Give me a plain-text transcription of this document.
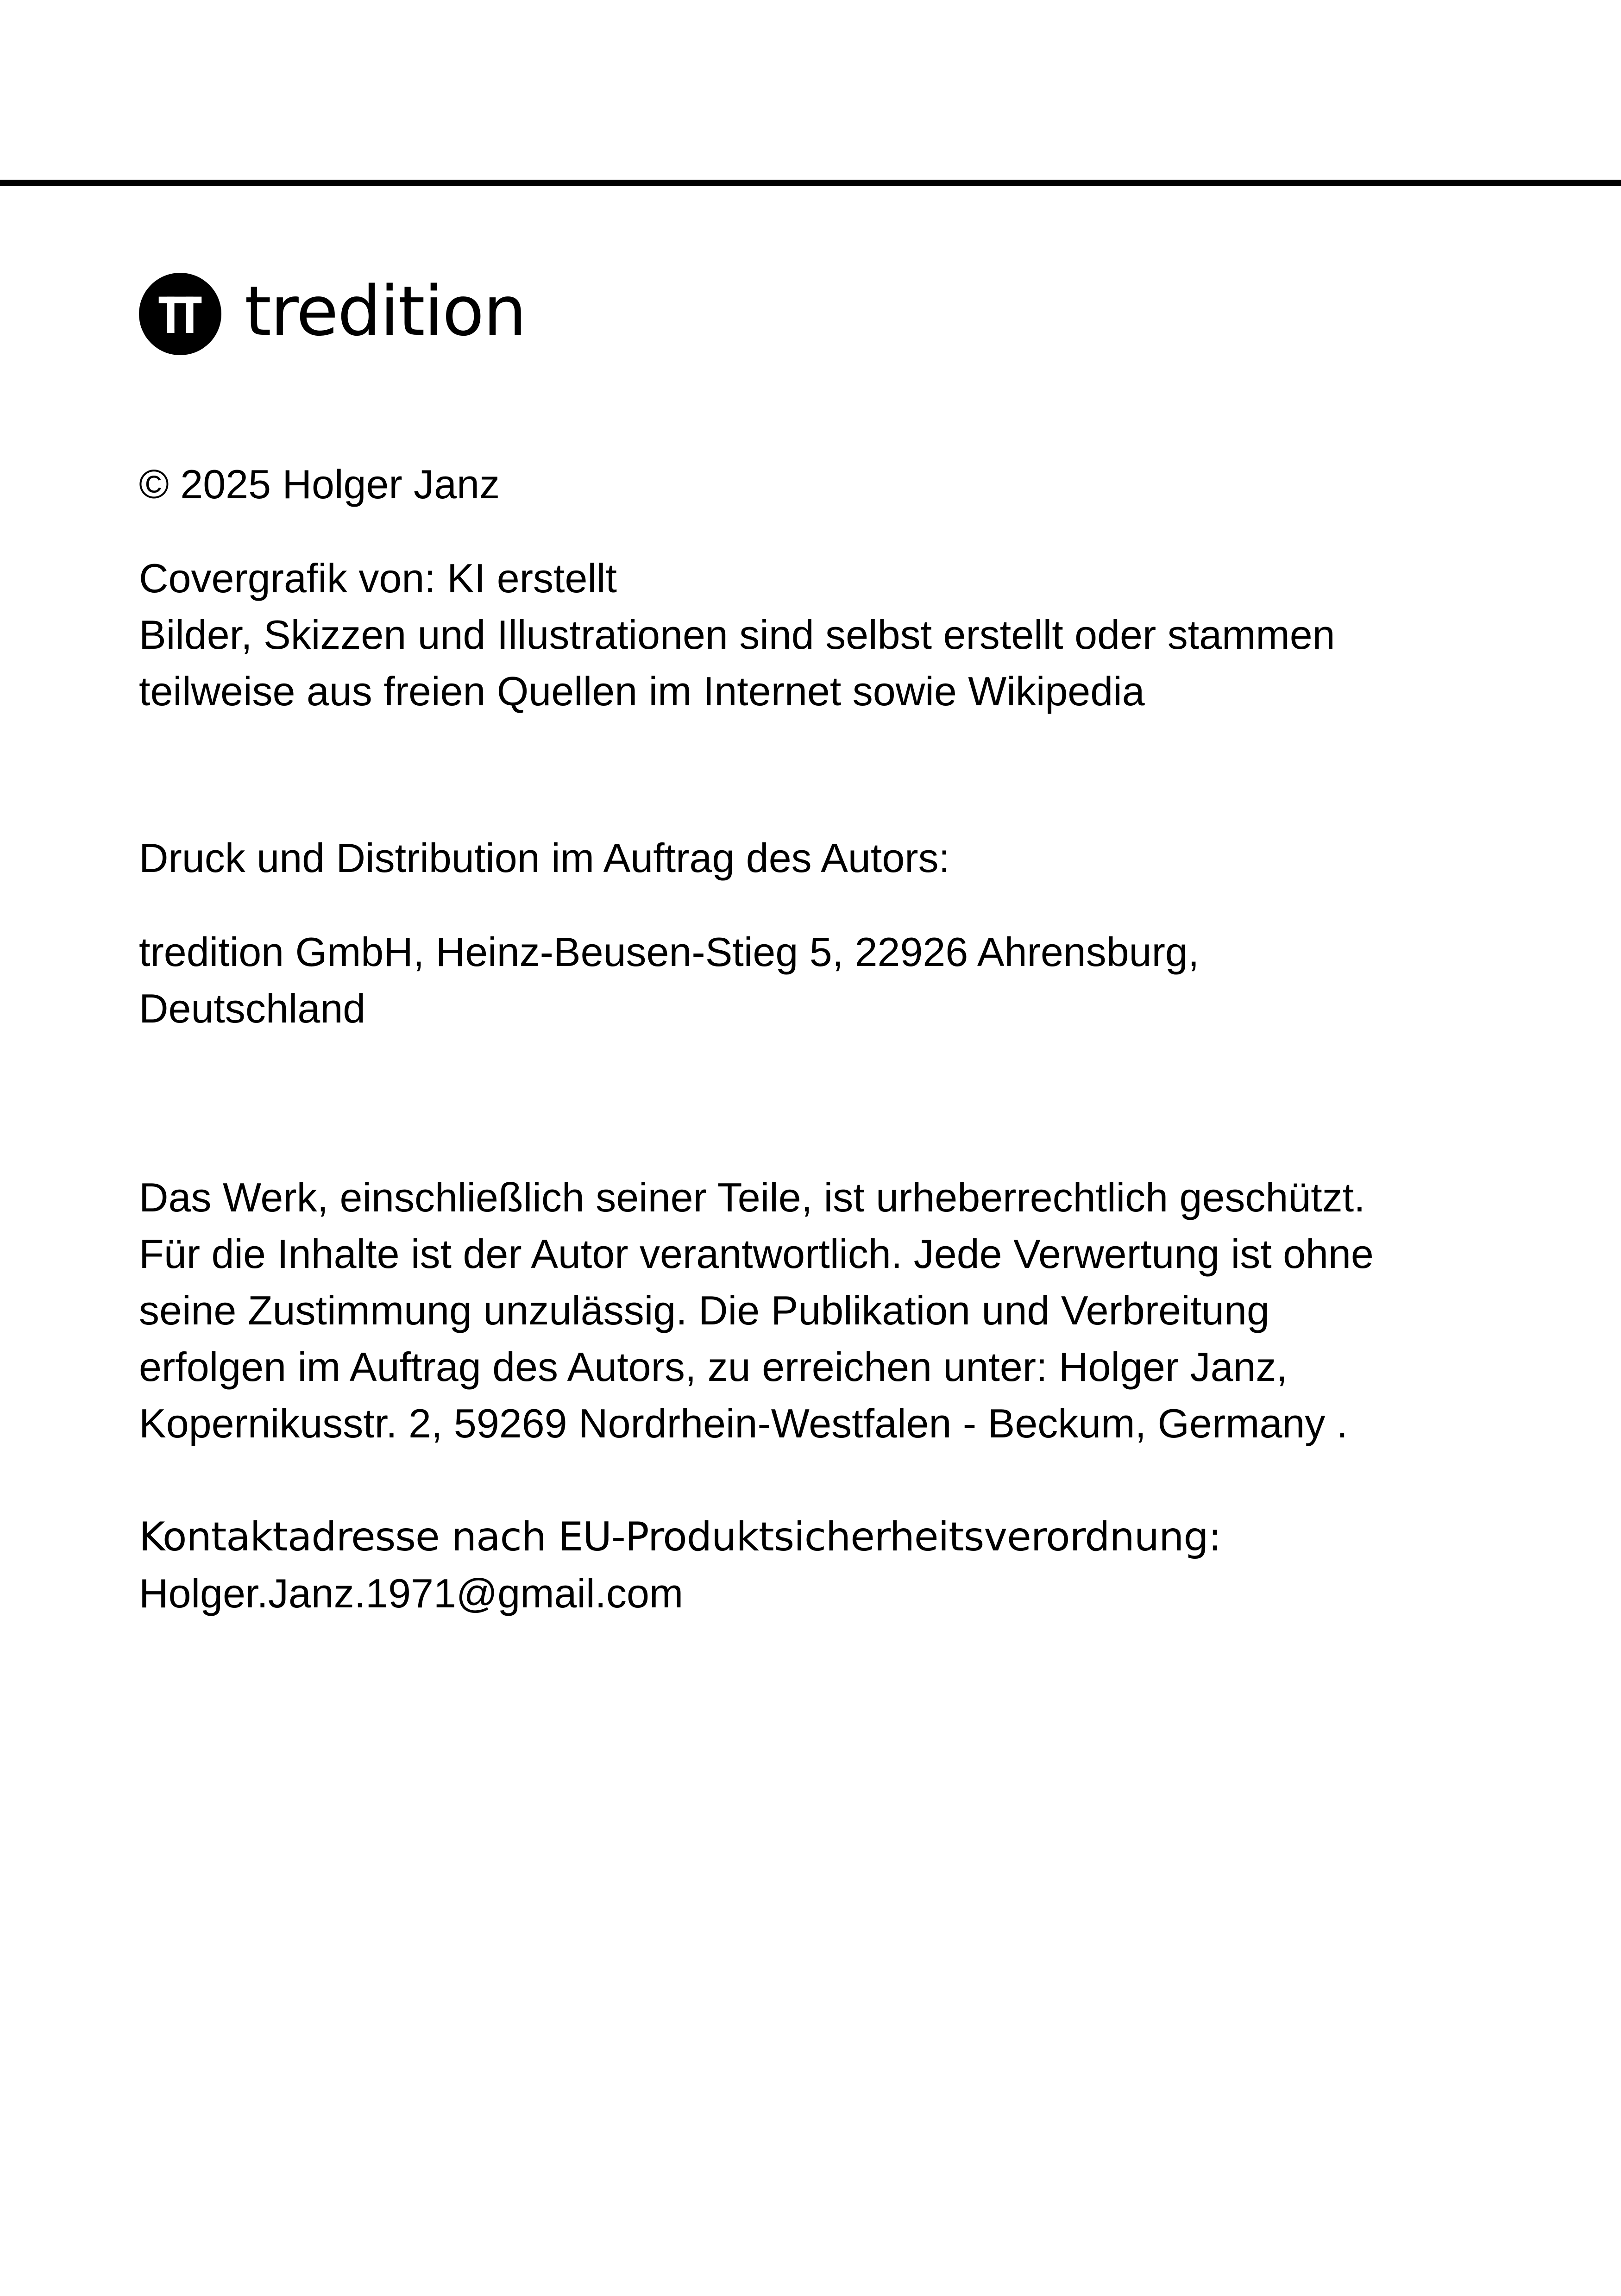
tredition
© 2025 Holger Janz
Covergrafik von: KI erstellt
Bilder, Skizzen und Illustrationen sind selbst erstellt oder stammen
teilweise aus freien Quellen im Internet sowie Wikipedia
Druck und Distribution im Auftrag des Autors:
tredition GmbH, Heinz-Beusen-Stieg 5, 22926 Ahrensburg,
Deutschland
Das Werk, einschließlich seiner Teile, ist urheberrechtlich geschützt.
Für die Inhalte ist der Autor verantwortlich. Jede Verwertung ist ohne
seine Zustimmung unzulässig. Die Publikation und Verbreitung
erfolgen im Auftrag des Autors, zu erreichen unter: Holger Janz,
Kopernikusstr. 2, 59269 Nordrhein-Westfalen - Beckum, Germany .
Kontaktadresse nach EU-Produktsicherheitsverordnung:
Holger.Janz.1971@gmail.com
